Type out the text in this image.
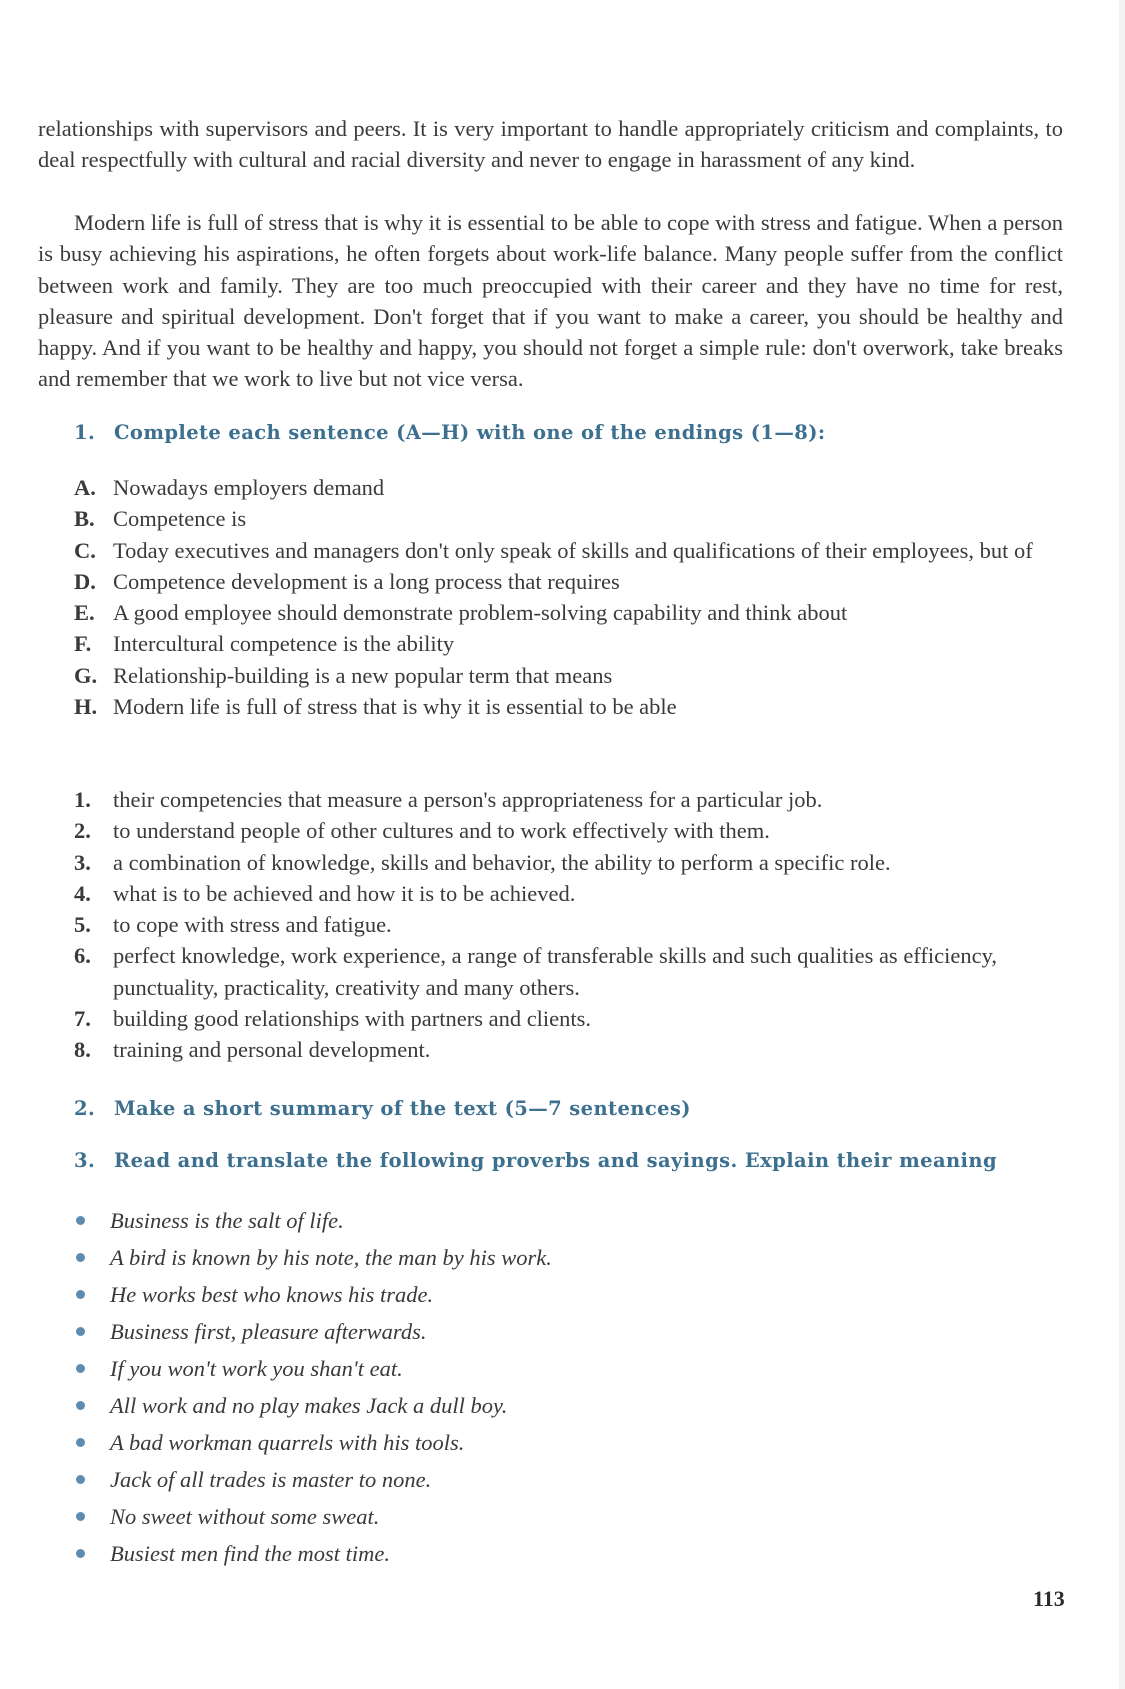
relationships with supervisors and peers. It is very important to handle appropriately criticism and complaints, to deal respectfully with cultural and racial diversity and never to engage in harassment of any kind.

Modern life is full of stress that is why it is essential to be able to cope with stress and fatigue. When a person is busy achieving his aspirations, he often forgets about work-life balance. Many people suffer from the conflict between work and family. They are too much preoccupied with their career and they have no time for rest, pleasure and spiritual development. Don't forget that if you want to make a career, you should be healthy and happy. And if you want to be healthy and happy, you should not forget a simple rule: don't overwork, take breaks and remember that we work to live but not vice versa.

1. Complete each sentence (A—H) with one of the endings (1—8):
A. Nowadays employers demand
B. Competence is
C. Today executives and managers don't only speak of skills and qualifications of their employees, but of
D. Competence development is a long process that requires
E. A good employee should demonstrate problem-solving capability and think about
F. Intercultural competence is the ability
G. Relationship-building is a new popular term that means
H. Modern life is full of stress that is why it is essential to be able
1. their competencies that measure a person's appropriateness for a particular job.
2. to understand people of other cultures and to work effectively with them.
3. a combination of knowledge, skills and behavior, the ability to perform a specific role.
4. what is to be achieved and how it is to be achieved.
5. to cope with stress and fatigue.
6. perfect knowledge, work experience, a range of transferable skills and such qualities as efficiency, punctuality, practicality, creativity and many others.
7. building good relationships with partners and clients.
8. training and personal development.
2. Make a short summary of the text (5—7 sentences)
3. Read and translate the following proverbs and sayings. Explain their meaning
Business is the salt of life.
A bird is known by his note, the man by his work.
He works best who knows his trade.
Business first, pleasure afterwards.
If you won't work you shan't eat.
All work and no play makes Jack a dull boy.
A bad workman quarrels with his tools.
Jack of all trades is master to none.
No sweet without some sweat.
Busiest men find the most time.
113
